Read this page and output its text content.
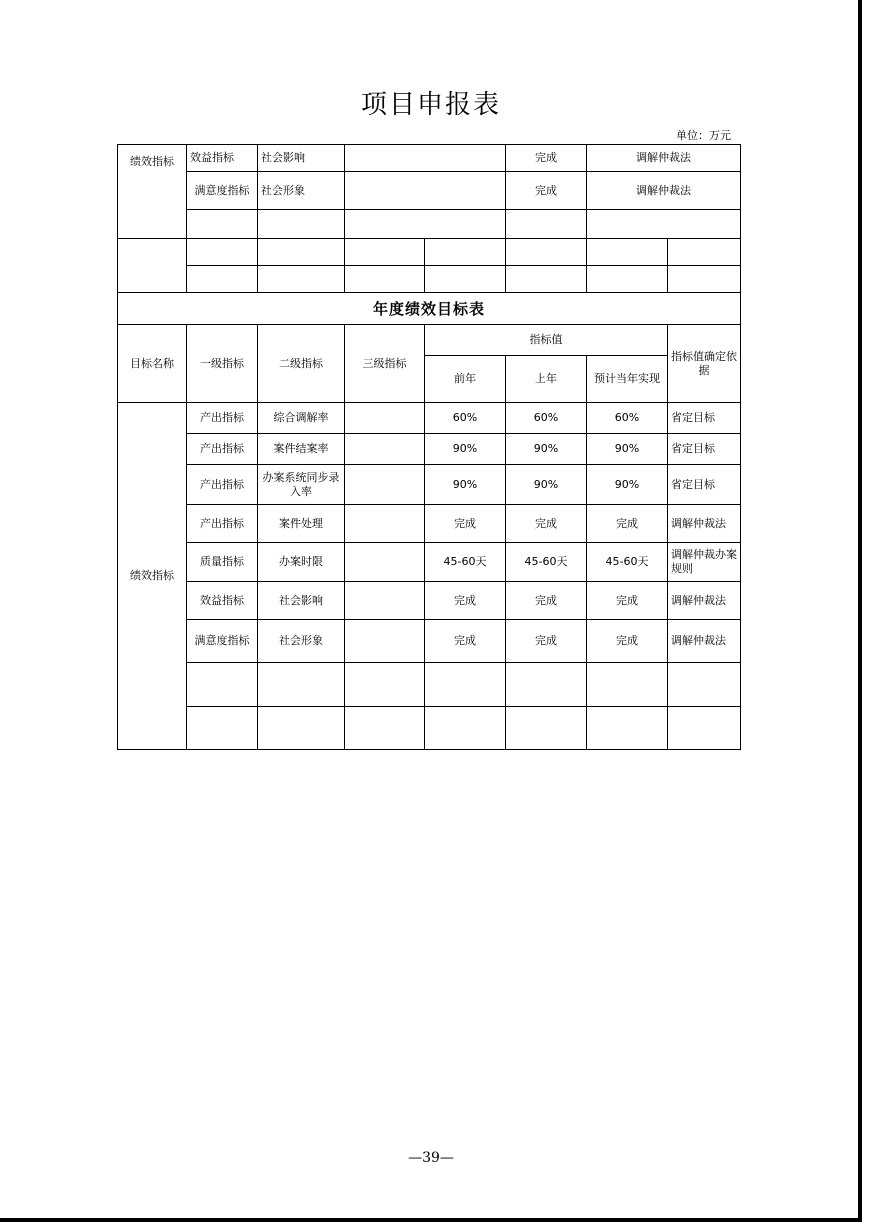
项目申报表
单位：万元
绩效指标	效益指标	社会影响			完成	调解仲裁法	
	满意度指标	社会形象			完成	调解仲裁法	

年度绩效目标表							
目标名称	一级指标	二级指标	三级指标	指标值			指标值确定依据
				前年	上年	预计当年实现	
绩效指标	产出指标	综合调解率		60%	60%	60%	省定目标
	产出指标	案件结案率		90%	90%	90%	省定目标
	产出指标	办案系统同步录入率		90%	90%	90%	省定目标
	产出指标	案件处理		完成	完成	完成	调解仲裁法
	质量指标	办案时限		45-60天	45-60天	45-60天	调解仲裁办案规则
	效益指标	社会影响		完成	完成	完成	调解仲裁法
	满意度指标	社会形象		完成	完成	完成	调解仲裁法

—39—
